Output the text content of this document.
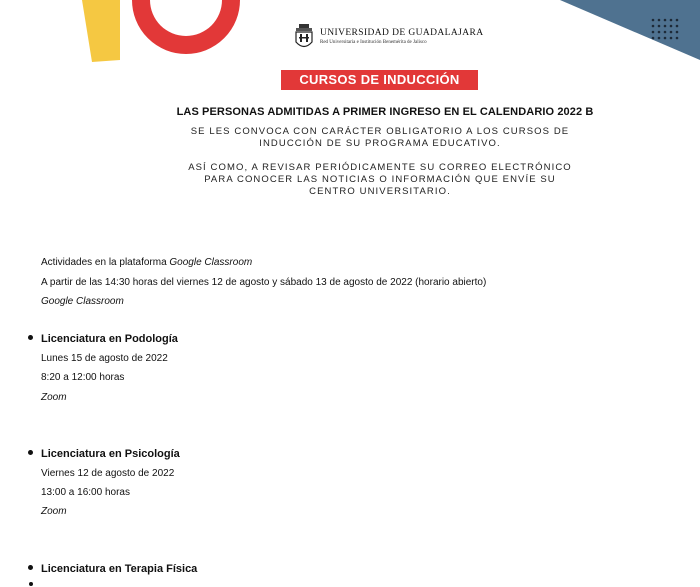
UNIVERSIDAD DE GUADALAJARA
Red Universitaria e Institución Benemérita de Jalisco
CURSOS DE INDUCCIÓN
LAS PERSONAS ADMITIDAS A PRIMER INGRESO EN EL CALENDARIO 2022 B
SE LES CONVOCA CON CARÁCTER OBLIGATORIO A LOS CURSOS DE
INDUCCIÓN DE SU PROGRAMA EDUCATIVO.
ASÍ COMO, A REVISAR PERIÓDICAMENTE SU CORREO ELECTRÓNICO
PARA CONOCER LAS NOTICIAS O INFORMACIÓN QUE ENVÍE SU
CENTRO UNIVERSITARIO.
Actividades en la plataforma Google Classroom
A partir de las 14:30 horas del viernes 12 de agosto y sábado 13 de agosto de 2022 (horario abierto)
Google Classroom
Licenciatura en Podología
Lunes 15 de agosto de 2022
8:20 a 12:00 horas
Zoom
Licenciatura en Psicología
Viernes 12 de agosto de 2022
13:00 a 16:00 horas
Zoom
Licenciatura en Terapia Física
